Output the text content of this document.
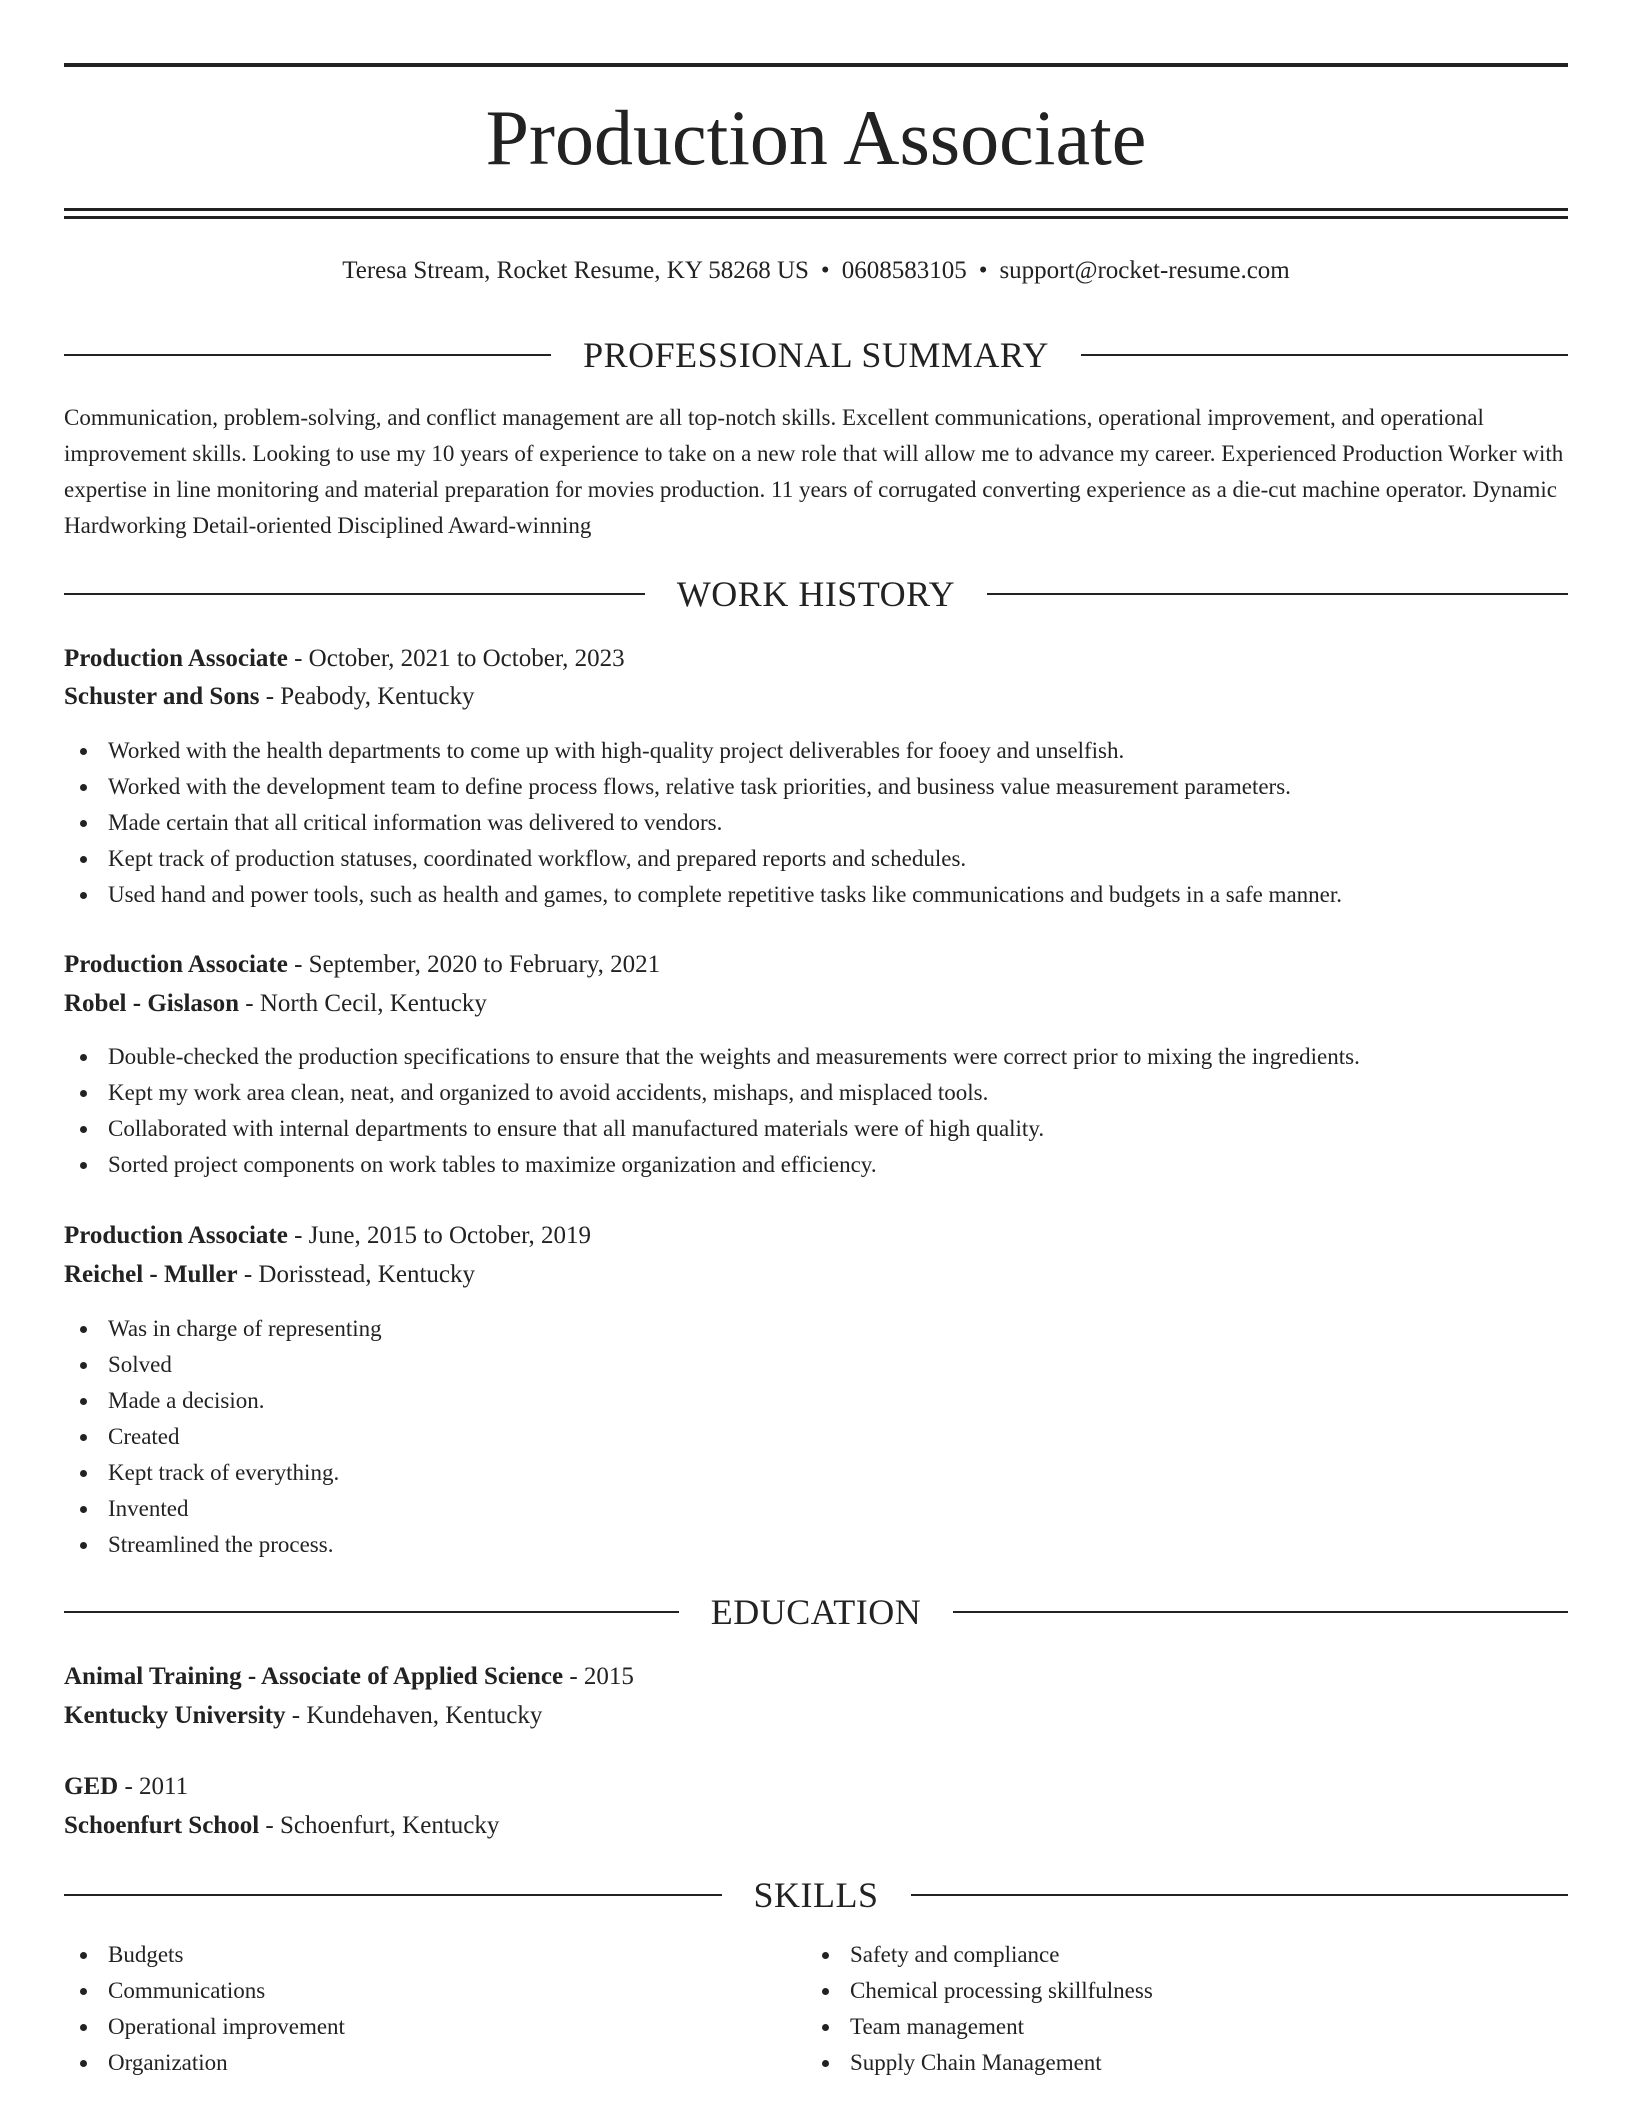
Production Associate
Teresa Stream, Rocket Resume, KY 58268 US • 0608583105 • support@rocket-resume.com
PROFESSIONAL SUMMARY

Communication, problem-solving, and conflict management are all top-notch skills. Excellent communications, operational improvement, and operational improvement skills. Looking to use my 10 years of experience to take on a new role that will allow me to advance my career. Experienced Production Worker with expertise in line monitoring and material preparation for movies production. 11 years of corrugated converting experience as a die-cut machine operator. Dynamic Hardworking Detail-oriented Disciplined Award-winning

WORK HISTORY
Production Associate - October, 2021 to October, 2023
Schuster and Sons - Peabody, Kentucky
Worked with the health departments to come up with high-quality project deliverables for fooey and unselfish.
Worked with the development team to define process flows, relative task priorities, and business value measurement parameters.
Made certain that all critical information was delivered to vendors.
Kept track of production statuses, coordinated workflow, and prepared reports and schedules.
Used hand and power tools, such as health and games, to complete repetitive tasks like communications and budgets in a safe manner.
Production Associate - September, 2020 to February, 2021
Robel - Gislason - North Cecil, Kentucky
Double-checked the production specifications to ensure that the weights and measurements were correct prior to mixing the ingredients.
Kept my work area clean, neat, and organized to avoid accidents, mishaps, and misplaced tools.
Collaborated with internal departments to ensure that all manufactured materials were of high quality.
Sorted project components on work tables to maximize organization and efficiency.
Production Associate - June, 2015 to October, 2019
Reichel - Muller - Dorisstead, Kentucky
Was in charge of representing
Solved
Made a decision.
Created
Kept track of everything.
Invented
Streamlined the process.
EDUCATION
Animal Training - Associate of Applied Science - 2015
Kentucky University - Kundehaven, Kentucky
GED - 2011
Schoenfurt School - Schoenfurt, Kentucky
SKILLS
Budgets
Communications
Operational improvement
Organization
Safety and compliance
Chemical processing skillfulness
Team management
Supply Chain Management
